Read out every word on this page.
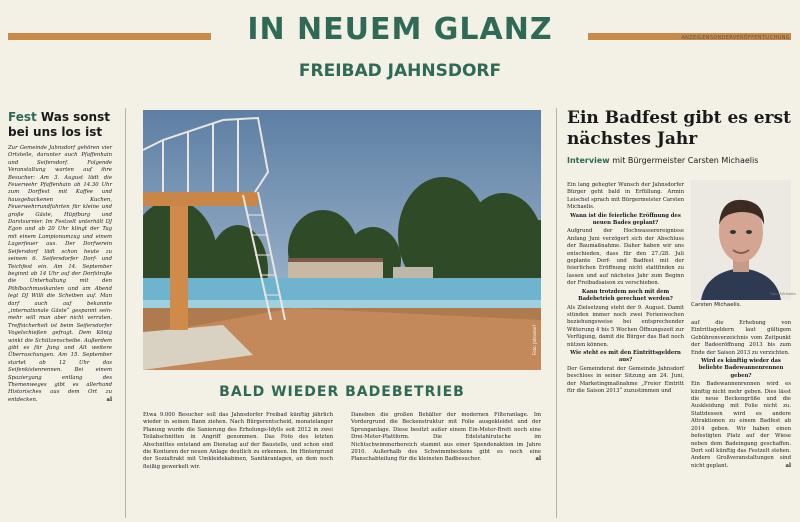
IN NEUEM GLANZ	ANZEIGENSONDERVERÖFFENTLICHUNG
FREIBAD JAHNSDORF
Fest Was sonst bei uns los ist
Zur Gemeinde Jahnsdorf gehören vier Ortsteile, darunter auch Pfaffenhain und Seifersdorf. Folgende Veranstaltung warten auf ihre Besucher: Am 3. August lädt die Feuerwehr Pfaffenhain ab 14.30 Uhr zum Dorffest mit Kaffee und hausgebackenen Kuchen, Feuerwehrrundfahrten für kleine und große Gäste, Hüpfburg und Darstsurnier. Im Festzelt unterhält DJ Egon und ab 20 Uhr klingt der Tag mit einem Lampionumzug und einem Lagerfeuer aus. Der Dorfverein Seifersdorf lädt schon heute zu seinem 6. Seifersdorfer Dorf- und Teichfest ein. Am 14. September beginnt ab 14 Uhr auf der Dorfstraße die Unterhaltung mit den Pöhlbachmusikanten und am Abend legt DJ Willi die Scheiben auf. Man darf auch auf bekannte „internationale Gäste“ gespannt sein- mehr will man aber nicht verraten. Treffsicherheit ist beim Seifersdorfer Vogelschießen gefragt. Dem König winkt die Schützenscheibe. Außerdem gibt es für Jung und Alt weitere Überraschungen. Am 15. September startet ab 12 Uhr das Seifenkistenrennen. Bei einem Spaziergang entlang des Themenweges gibt es allerhand Historisches aus dem Ort zu entdecken.	al
Foto: Jahnsdorf
BALD WIEDER BADEBETRIEB
Etwa 9.000 Besucher soll das Jahnsdorfer Freibad künftig jährlich wieder in seinen Bann ziehen. Nach Bürgerentscheid, monatelanger Planung wurde die Sanierung des Erholungs-Idylls seit 2012 in zwei Teilabschnitten in Angriff genommen. Das Foto des letzten Abschnittes entstand am Dienstag auf der Baustelle, und schon sind die Konturen der neuen Anlage deutlich zu erkennen. Im Hintergrund der Sozialtrakt mit Umkleidekabinen, Sanitäranlagen, an dem noch fleißig gewerkelt wir.
Daneben die großen Behälter der modernen Filteranlage. Im Vordergrund die Beckenstruktur mit Folie ausgekleidet und der Sprunganlage. Diese besitzt außer einem Ein-Meter-Brett noch eine Drei-Meter-Plattform. Die Edelstahlrutsche im Nichtschwimmerbereich stammt aus einer Spendenaktion im Jahre 2010. Außerhalb des Schwimmbeckens gibt es noch eine Planschabteilung für die kleinsten Badbesucher.	al
Ein Badfest gibt es erst nächstes Jahr
Interview mit Bürgermeister Carsten Michaelis

Ein lang gehegter Wunsch der Jahnsdorfer Bürger geht bald in Erfüllung. Armin Leischel sprach mit Bürgermeister Carsten Michaelis.

Wann ist die feierliche Eröffnung des neuen Bades geplant?

Aufgrund der Hochwasserereignisse Anfang Juni verzögert sich der Abschluss der Baumaßnahme. Daher haben wir uns entschieden, dass für den 27./28. Juli geplante Dorf- und Badfest mit der feierlichen Eröffnung nicht stattfinden zu lassen und auf nächstes Jahr zum Beginn der Freibadsaison zu verschieben.

Kann trotzdem noch mit dem Badebetrieb gerechnet werden?

Als Zielsetzung steht der 9. August. Damit stünden immer noch zwei Ferienwochen beziehungsweise bei entsprechender Witterung 4 bis 5 Wochen Öffnungszeit zur Verfügung, damit die Bürger das Bad noch nützen können.

Wie steht es mit den Eintrittsgeldern aus?

Der Gemeinderat der Gemeinde Jahnsdorf beschloss in seiner Sitzung am 24. Juni, der Marketingmaßnahme „Freier Eintritt für die Saison 2013“ zuzustimmen und

Foto: Michaelis
Carsten Michaelis.

auf die Erhebung von Eintrittsgeldern laut gültigem Gebührenverzeichnis vom Zeitpunkt der Badeeröffnung 2013 bis zum Ende der Saison 2013 zu verzichten.

Wird es künftig wieder das beliebte Badewannenrennen geben?

Ein Badewannenrennen wird es künftig nicht mehr geben. Dies lässt die neue Beckengröße und die Auskleidung mit Folie nicht zu. Stattdessen wird es andere Attraktionen zu einem Badfest ab 2014 geben. Wir haben einen befestigten Platz auf der Wiese neben dem Badeingang geschaffen. Dort soll künftig das Festzelt stehen. Andere Großveranstaltungen sind nicht geplant.	al
